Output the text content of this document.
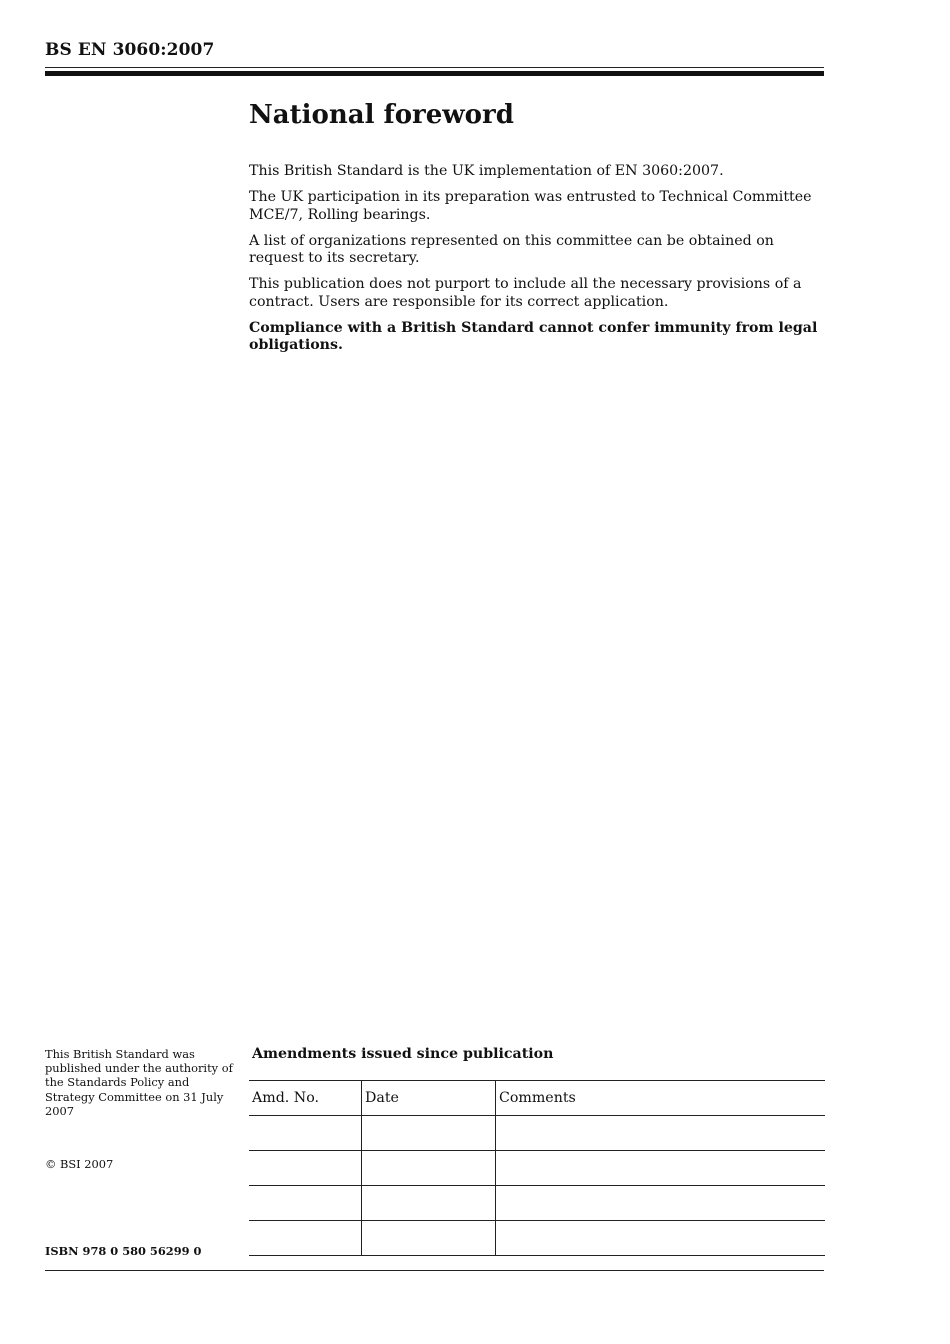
BS EN 3060:2007
National foreword

This British Standard is the UK implementation of EN 3060:2007.

The UK participation in its preparation was entrusted to Technical Committee MCE/7, Rolling bearings.

A list of organizations represented on this committee can be obtained on request to its secretary.

This publication does not purport to include all the necessary provisions of a contract. Users are responsible for its correct application.

Compliance with a British Standard cannot confer immunity from legal obligations.

This British Standard was published under the authority of the Standards Policy and Strategy Committee on 31 July 2007
© BSI 2007
ISBN 978 0 580 56299 0
Amendments issued since publication
Amd. No.	Date	Comments
